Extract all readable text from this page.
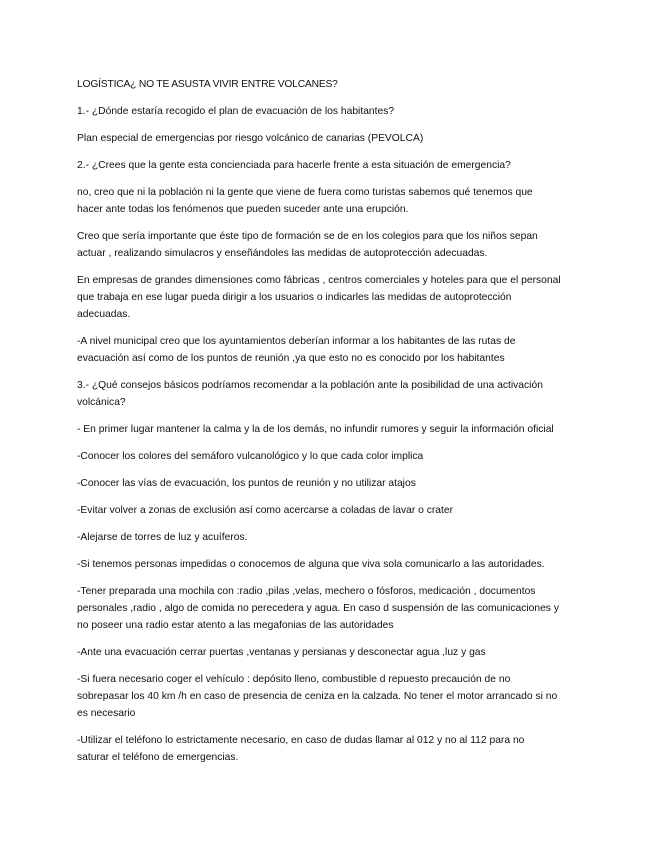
LOGÍSTICA¿ NO TE ASUSTA VIVIR ENTRE VOLCANES?

1.- ¿Dónde estaría recogido el plan de evacuación de los habitantes?

Plan especial de emergencias por riesgo volcánico de canarias (PEVOLCA)

2.- ¿Crees que la gente esta concienciada para hacerle frente a esta situación de emergencia?

no, creo que ni la población ni la gente que viene de fuera como turistas sabemos qué tenemos que
hacer ante todas los fenómenos que pueden suceder ante una erupción.

Creo que sería importante que éste tipo de formación se de en los colegios para que los niños sepan
actuar , realizando simulacros y enseñándoles las medidas de autoprotección adecuadas.

En empresas de grandes dimensiones como fábricas , centros comerciales y hoteles para que el personal
que trabaja en ese lugar pueda dirigir a los usuarios o indicarles las medidas de autoprotección
adecuadas.

-A nivel municipal creo que los ayuntamientos deberían informar a los habitantes de las rutas de
evacuación así como de los puntos de reunión ,ya que esto no es conocido por los habitantes

3.- ¿Qué consejos básicos podríamos recomendar a la población ante la posibilidad de una activación
volcánica?

- En primer lugar mantener la calma y la de los demás, no infundir rumores y seguir la información oficial

-Conocer los colores del semáforo vulcanológico y lo que cada color implica

-Conocer las vías de evacuación, los puntos de reunión y no utilizar atajos

-Evitar volver a zonas de exclusión así como acercarse a coladas de lavar o crater

-Alejarse de torres de luz y acuíferos.

-Si tenemos personas impedidas o conocemos de alguna que viva sola comunicarlo a las autoridades.

-Tener preparada una mochila con :radio ,pilas ,velas, mechero o fósforos, medicación , documentos
personales ,radio , algo de comida no perecedera y agua. En caso d suspensión de las comunicaciones y
no poseer una radio estar atento a las megafonias de las autoridades

-Ante una evacuación cerrar puertas ,ventanas y persianas y desconectar agua ,luz y gas

-Si fuera necesario coger el vehículo : depósito lleno, combustible d repuesto precaución de no
sobrepasar los 40 km /h en caso de presencia de ceniza en la calzada. No tener el motor arrancado si no
es necesario

-Utilizar el teléfono lo estrictamente necesario, en caso de dudas llamar al 012 y no al 112 para no
saturar el teléfono de emergencias.
